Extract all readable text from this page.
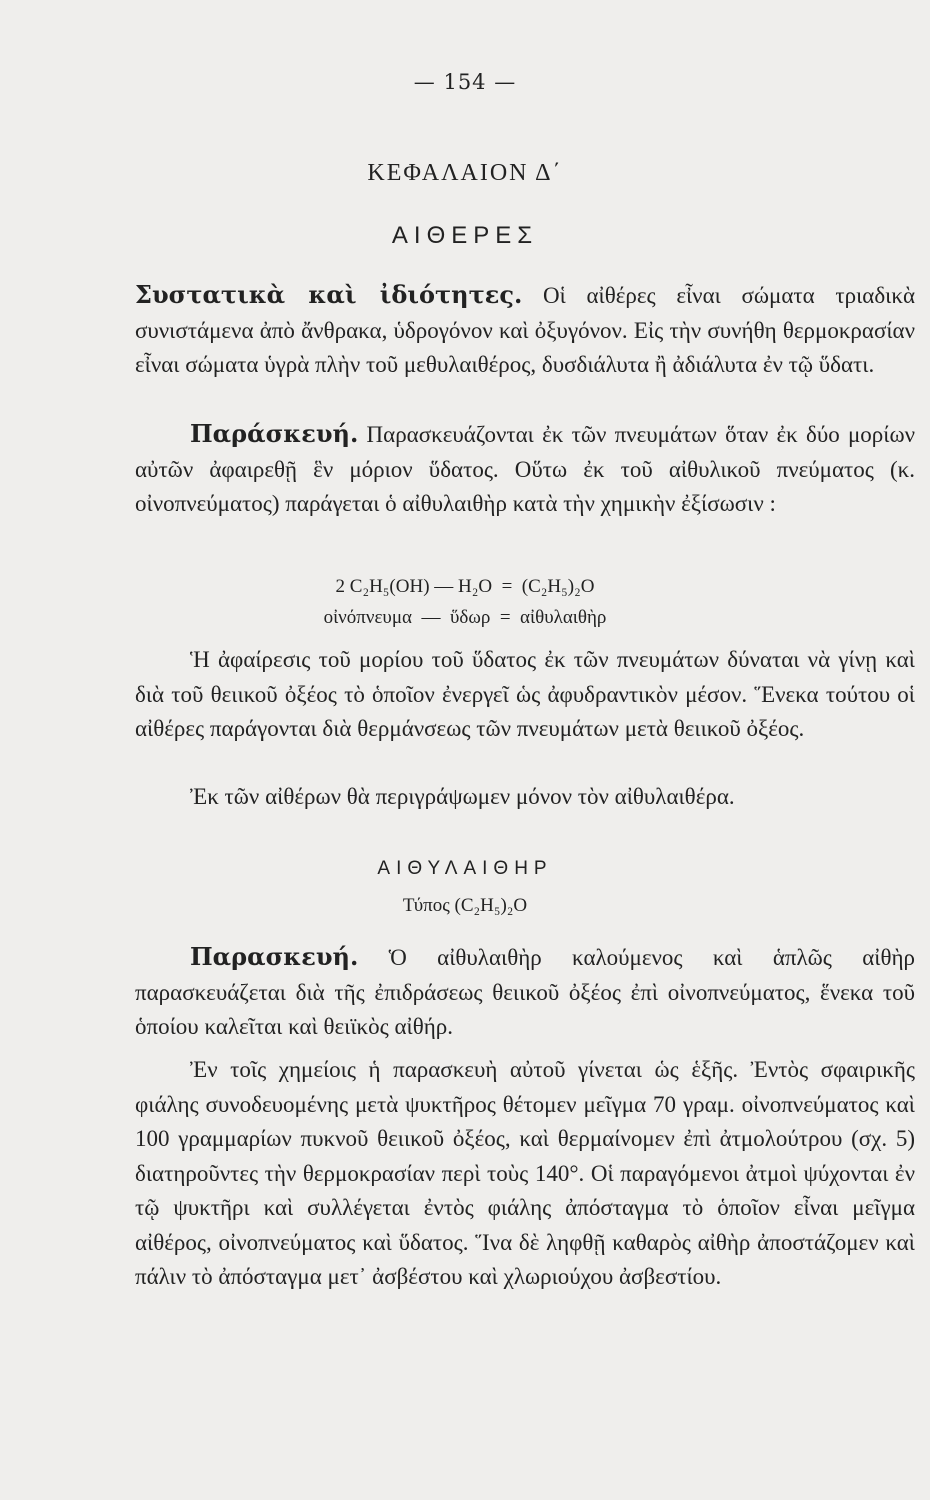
— 154 —
ΚΕΦΑΛΑΙΟΝ Δ΄
ΑΙΘΕΡΕΣ
Συστατικὰ καὶ ἰδιότητες. Οἱ αἰθέρες εἶναι σώματα τριαδικὰ συνιστάμενα ἀπὸ ἄνθρακα, ὑδρογόνον καὶ ὀξυγόνον. Εἰς τὴν συνήθη θερμοκρασίαν εἶναι σώματα ὑγρὰ πλὴν τοῦ μεθυλαιθέρος, δυσδιάλυτα ἢ ἀδιάλυτα ἐν τῷ ὕδατι.
Παράσκευή. Παρασκευάζονται ἐκ τῶν πνευμάτων ὅταν ἐκ δύο μορίων αὐτῶν ἀφαιρεθῇ ἓν μόριον ὕδατος. Οὕτω ἐκ τοῦ αἰθυλικοῦ πνεύματος (κ. οἰνοπνεύματος) παράγεται ὁ αἰθυλαιθὴρ κατὰ τὴν χημικὴν ἐξίσωσιν :
2 C₂H₅(OH) — H₂O  =  (C₂H₅)₂O
οἰνόπνευμα  —  ὕδωρ  =  αἰθυλαιθὴρ
Ἡ ἀφαίρεσις τοῦ μορίου τοῦ ὕδατος ἐκ τῶν πνευμάτων δύναται νὰ γίνῃ καὶ διὰ τοῦ θειικοῦ ὀξέος τὸ ὁποῖον ἐνεργεῖ ὡς ἀφυδραντικὸν μέσον. Ἕνεκα τούτου οἱ αἰθέρες παράγονται διὰ θερμάνσεως τῶν πνευμάτων μετὰ θειικοῦ ὀξέος.
Ἐκ τῶν αἰθέρων θὰ περιγράψωμεν μόνον τὸν αἰθυλαιθέρα.
ΑΙΘΥΛΑΙΘΗΡ
Τύπος (C₂H₅)₂O
Παρασκευή. Ὁ αἰθυλαιθὴρ καλούμενος καὶ ἁπλῶς αἰθὴρ παρασκευάζεται διὰ τῆς ἐπιδράσεως θειικοῦ ὀξέος ἐπὶ οἰνοπνεύματος, ἕνεκα τοῦ ὁποίου καλεῖται καὶ θειϊκὸς αἰθήρ.
Ἐν τοῖς χημείοις ἡ παρασκευὴ αὐτοῦ γίνεται ὡς ἑξῆς. Ἐντὸς σφαιρικῆς φιάλης συνοδευομένης μετὰ ψυκτῆρος θέτομεν μεῖγμα 70 γραμ. οἰνοπνεύματος καὶ 100 γραμμαρίων πυκνοῦ θειικοῦ ὀξέος, καὶ θερμαίνομεν ἐπὶ ἀτμολούτρου (σχ. 5) διατηροῦντες τὴν θερμοκρασίαν περὶ τοὺς 140°. Οἱ παραγόμενοι ἀτμοὶ ψύχονται ἐν τῷ ψυκτῆρι καὶ συλλέγεται ἐντὸς φιάλης ἀπόσταγμα τὸ ὁποῖον εἶναι μεῖγμα αἰθέρος, οἰνοπνεύματος καὶ ὕδατος. Ἵνα δὲ ληφθῇ καθαρὸς αἰθὴρ ἀποστάζομεν καὶ πάλιν τὸ ἀπόσταγμα μετ᾽ ἀσβέστου καὶ χλωριούχου ἀσβεστίου.
